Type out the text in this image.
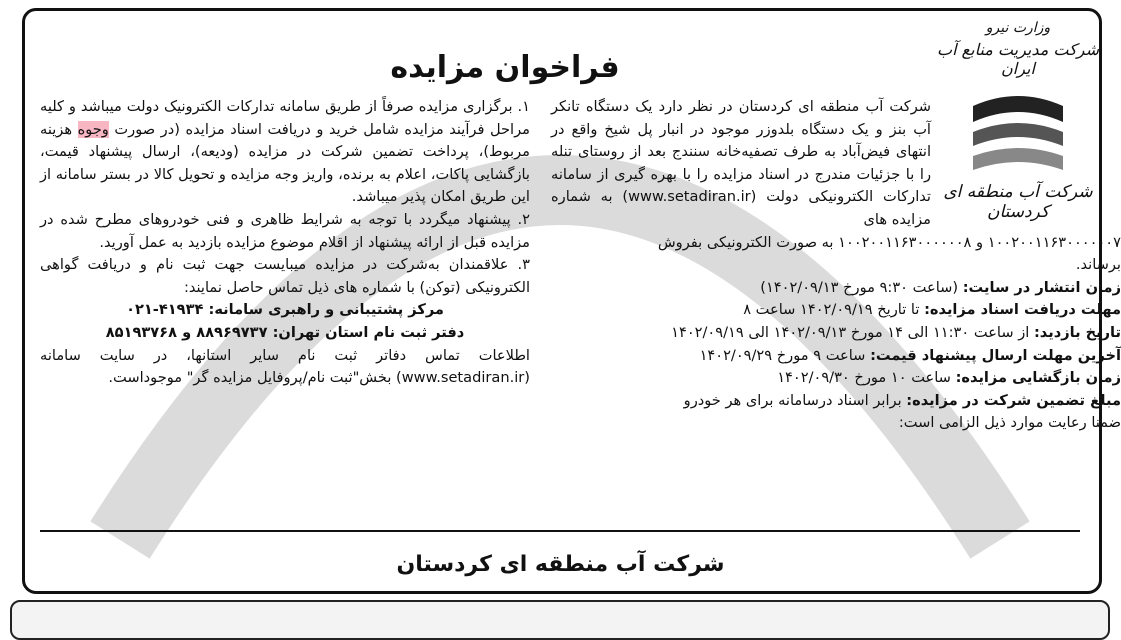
وزارت نیرو
شرکت مدیریت منابع آب ایران
شرکت آب منطقه ای کردستان
فراخوان مزایده

شرکت آب منطقه ای کردستان در نظر دارد یک دستگاه تانکر آب بنز و یک دستگاه بلدوزر موجود در انبار پل شیخ واقع در انتهای فیض‌آباد به طرف تصفیه‌خانه سنندج بعد از روستای تنله را با جزئیات مندرج در اسناد مزایده را با بهره گیری از سامانه تدارکات الکترونیکی دولت (www.setadiran.ir) به شماره مزایده های

۱۰۰۲۰۰۱۱۶۳۰۰۰۰۰۰۷ و ۱۰۰۲۰۰۱۱۶۳۰۰۰۰۰۰۸ به صورت الکترونیکی بفروش

برساند.

زمان انتشار در سایت: (ساعت ۹:۳۰ مورخ ۱۴۰۲/۰۹/۱۳)

مهلت دریافت اسناد مزایده: تا تاریخ ۱۴۰۲/۰۹/۱۹ ساعت ۸

تاریخ بازدید: از ساعت ۱۱:۳۰ الی ۱۴ مورخ ۱۴۰۲/۰۹/۱۳ الی ۱۴۰۲/۰۹/۱۹

آخرین مهلت ارسال پیشنهاد قیمت: ساعت ۹ مورخ ۱۴۰۲/۰۹/۲۹

زمان بازگشایی مزایده: ساعت ۱۰ مورخ ۱۴۰۲/۰۹/۳۰

مبلغ تضمین شرکت در مزایده: برابر اسناد درسامانه برای هر خودرو

ضمنا رعایت موارد ذیل الزامی است:

۱. برگزاری مزایده صرفاً از طریق سامانه تدارکات الکترونیک دولت میباشد و کلیه مراحل فرآیند مزایده شامل خرید و دریافت اسناد مزایده (در صورت وجوه هزینه مربوط)، پرداخت تضمین شرکت در مزایده (ودیعه)، ارسال پیشنهاد قیمت، بازگشایی پاکات، اعلام به برنده، واریز وجه مزایده و تحویل کالا در بستر سامانه از این طریق امکان پذیر میباشد.

۲. پیشنهاد میگردد با توجه به شرایط ظاهری و فنی خودروهای مطرح شده در مزایده قبل از ارائه پیشنهاد از اقلام موضوع مزایده بازدید به عمل آورید.

۳. علاقمندان به‌شرکت در مزایده میبایست جهت ثبت نام و دریافت گواهی الکترونیکی (توکن) با شماره های ذیل تماس حاصل نمایند:

مرکز پشتیبانی و راهبری سامانه: ۴۱۹۳۴-۰۲۱

دفتر ثبت نام استان تهران: ۸۸۹۶۹۷۳۷ و ۸۵۱۹۳۷۶۸

اطلاعات تماس دفاتر ثبت نام سایر استانها، در سایت سامانه (www.setadiran.ir) بخش"ثبت نام/پروفایل مزایده گر" موجوداست.

شرکت آب منطقه ای کردستان
